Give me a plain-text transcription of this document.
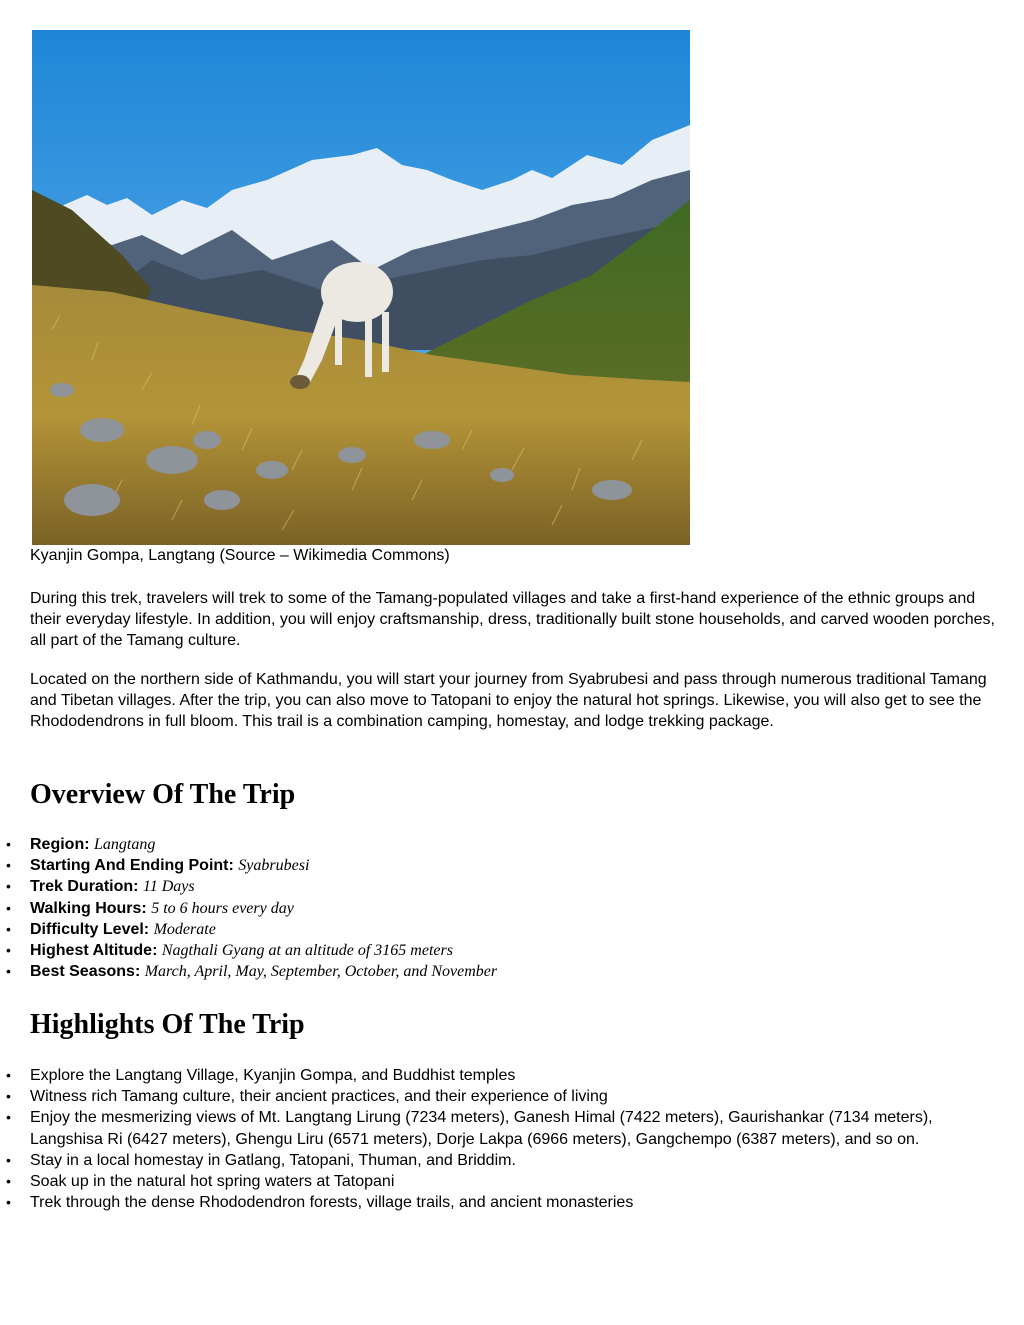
Kyanjin Gompa, Langtang (Source – Wikimedia Commons)

During this trek, travelers will trek to some of the Tamang-populated villages and take a first-hand experience of the ethnic groups and their everyday lifestyle. In addition, you will enjoy craftsmanship, dress, traditionally built stone households, and carved wooden porches, all part of the Tamang culture.

Located on the northern side of Kathmandu, you will start your journey from Syabrubesi and pass through numerous traditional Tamang and Tibetan villages. After the trip, you can also move to Tatopani to enjoy the natural hot springs. Likewise, you will also get to see the Rhododendrons in full bloom. This trail is a combination camping, homestay, and lodge trekking package.

Overview Of The Trip
• Region: Langtang
• Starting And Ending Point: Syabrubesi
• Trek Duration: 11 Days
• Walking Hours: 5 to 6 hours every day
• Difficulty Level: Moderate
• Highest Altitude: Nagthali Gyang at an altitude of 3165 meters
• Best Seasons: March, April, May, September, October, and November
Highlights Of The Trip
• Explore the Langtang Village, Kyanjin Gompa, and Buddhist temples
• Witness rich Tamang culture, their ancient practices, and their experience of living
• Enjoy the mesmerizing views of Mt. Langtang Lirung (7234 meters), Ganesh Himal (7422 meters), Gaurishankar (7134 meters), Langshisa Ri (6427 meters), Ghengu Liru (6571 meters), Dorje Lakpa (6966 meters), Gangchempo (6387 meters), and so on.
• Stay in a local homestay in Gatlang, Tatopani, Thuman, and Briddim.
• Soak up in the natural hot spring waters at Tatopani
• Trek through the dense Rhododendron forests, village trails, and ancient monasteries
